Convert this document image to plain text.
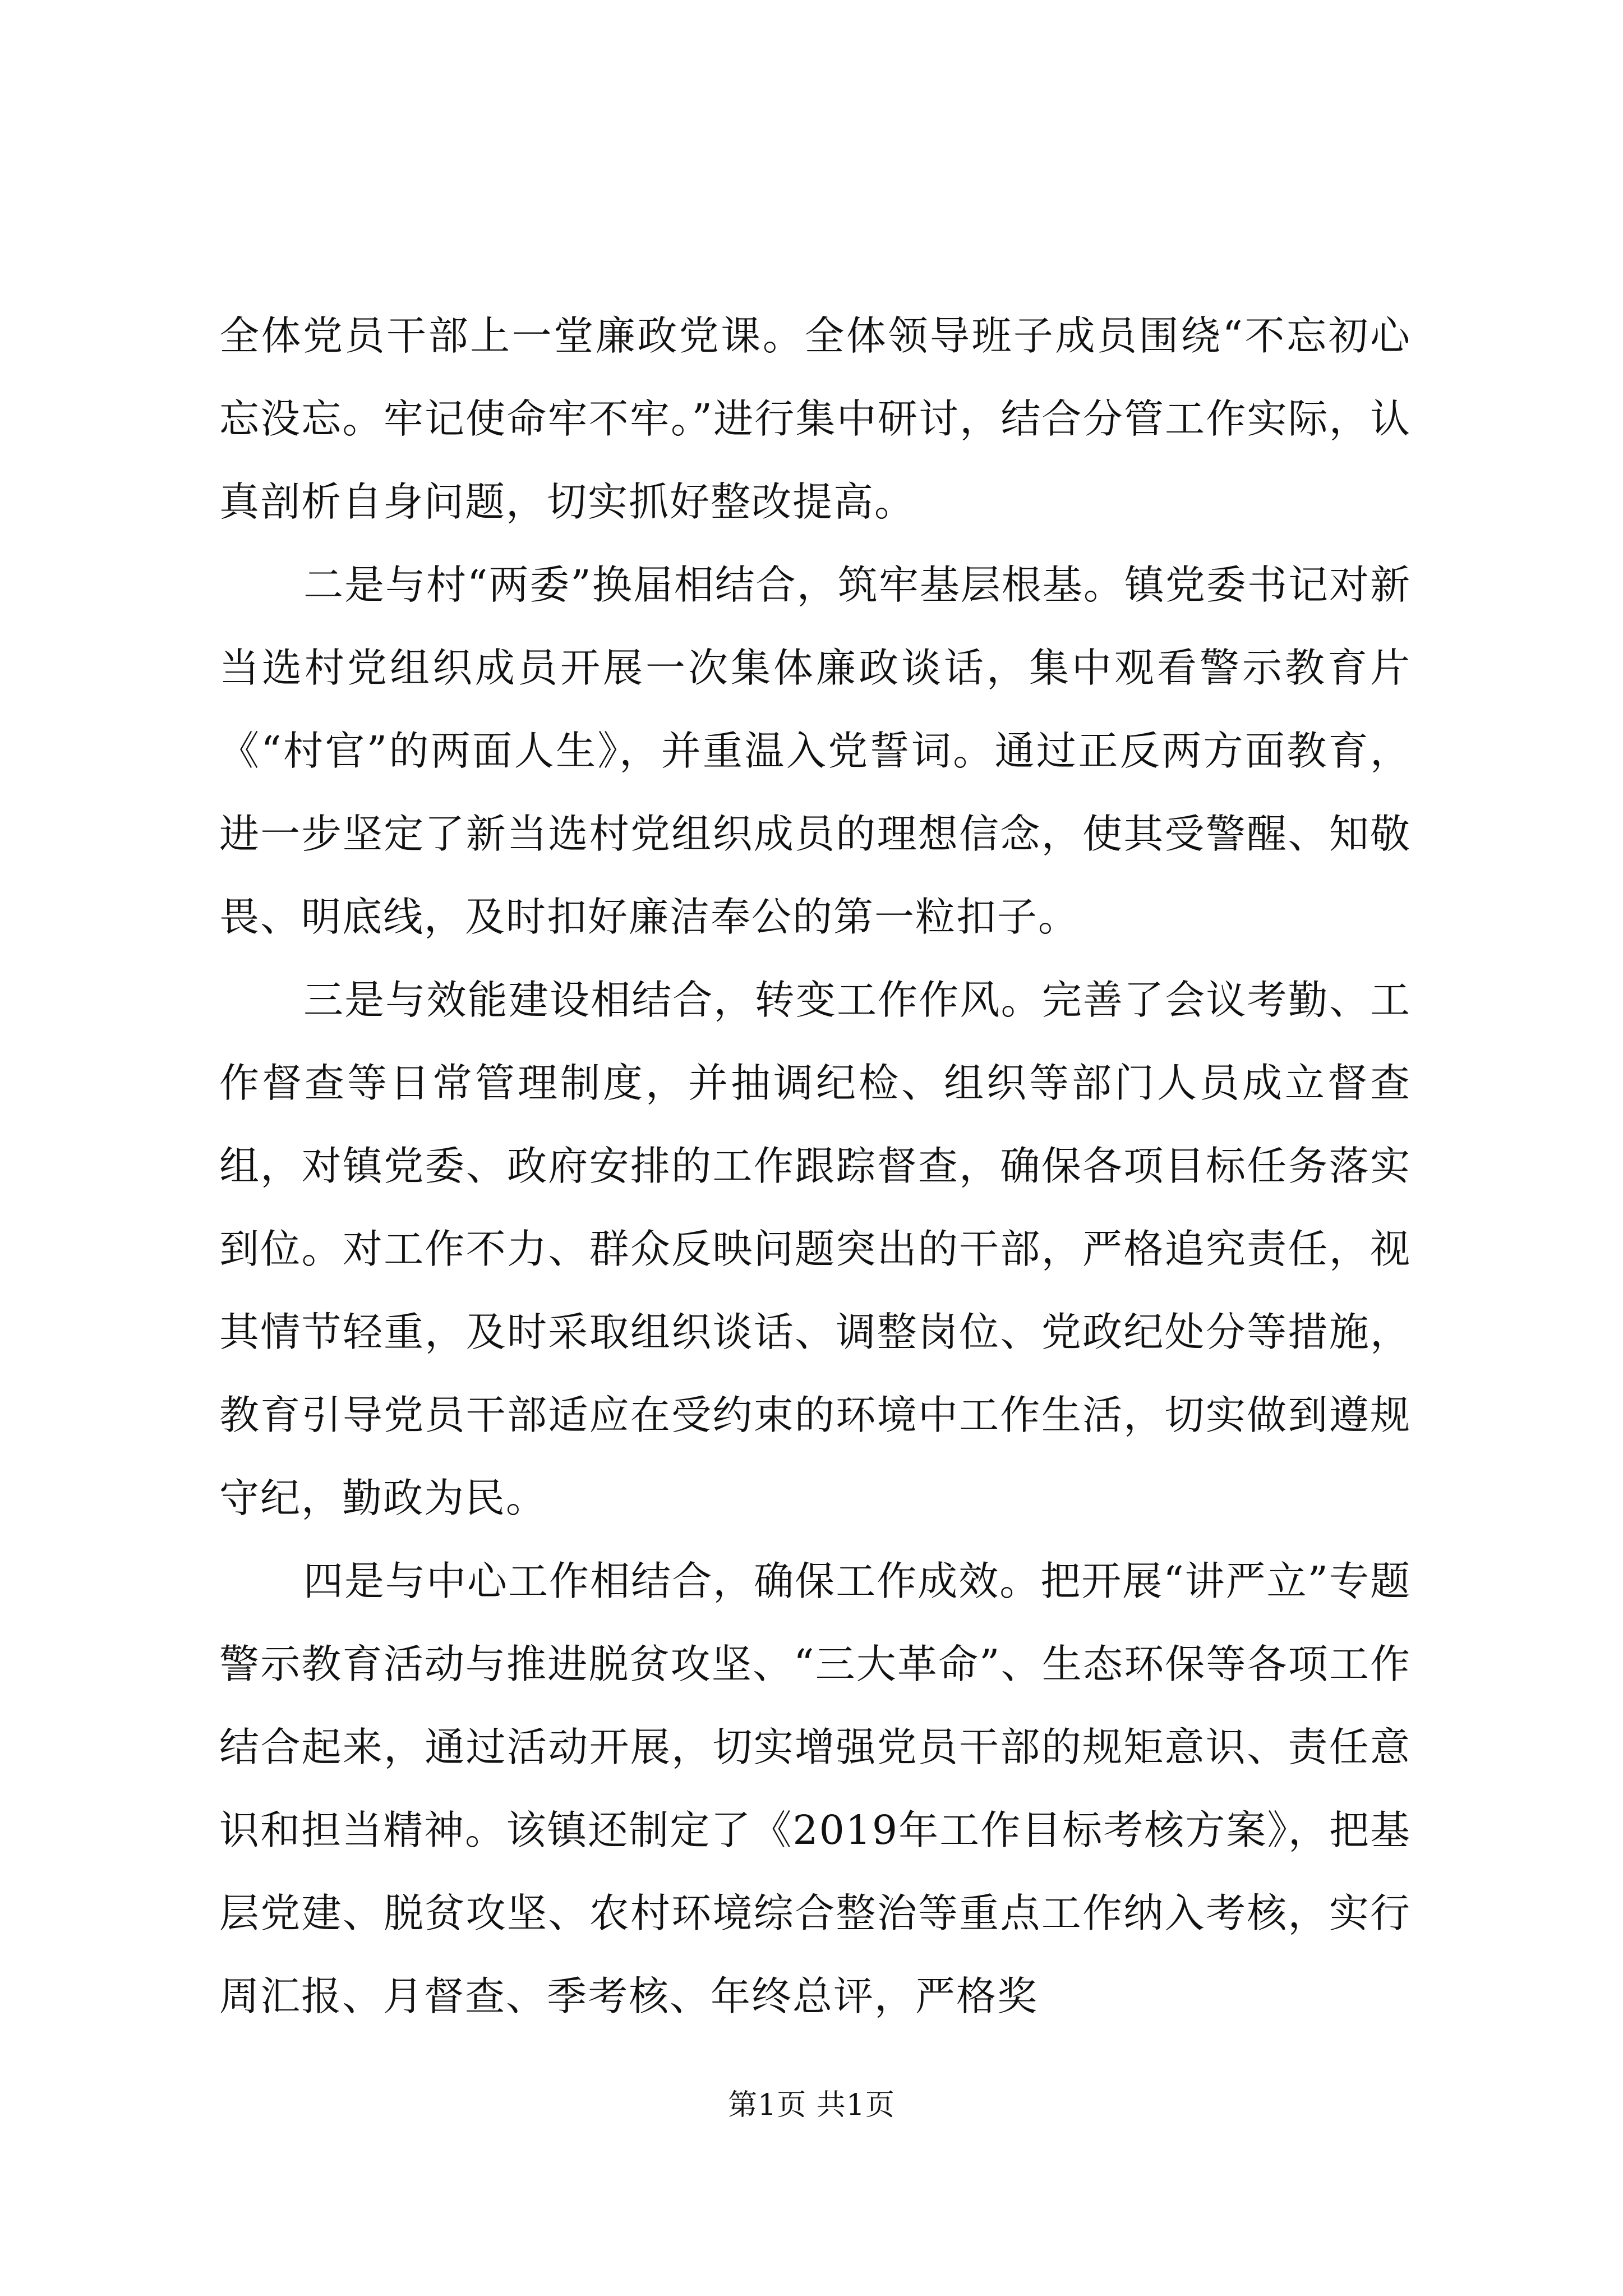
全体党员干部上一堂廉政党课。全体领导班子成员围绕“不忘初心忘没忘。牢记使命牢不牢。”进行集中研讨，结合分管工作实际，认真剖析自身问题，切实抓好整改提高。

二是与村“两委”换届相结合，筑牢基层根基。镇党委书记对新当选村党组织成员开展一次集体廉政谈话，集中观看警示教育片《“村官”的两面人生》，并重温入党誓词。通过正反两方面教育，进一步坚定了新当选村党组织成员的理想信念，使其受警醒、知敬畏、明底线，及时扣好廉洁奉公的第一粒扣子。

三是与效能建设相结合，转变工作作风。完善了会议考勤、工作督查等日常管理制度，并抽调纪检、组织等部门人员成立督查组，对镇党委、政府安排的工作跟踪督查，确保各项目标任务落实到位。对工作不力、群众反映问题突出的干部，严格追究责任，视其情节轻重，及时采取组织谈话、调整岗位、党政纪处分等措施，教育引导党员干部适应在受约束的环境中工作生活，切实做到遵规守纪，勤政为民。

四是与中心工作相结合，确保工作成效。把开展“讲严立”专题警示教育活动与推进脱贫攻坚、“三大革命”、生态环保等各项工作结合起来，通过活动开展，切实增强党员干部的规矩意识、责任意识和担当精神。该镇还制定了《2019年工作目标考核方案》，把基层党建、脱贫攻坚、农村环境综合整治等重点工作纳入考核，实行周汇报、月督查、季考核、年终总评，严格奖

第1页 共1页
